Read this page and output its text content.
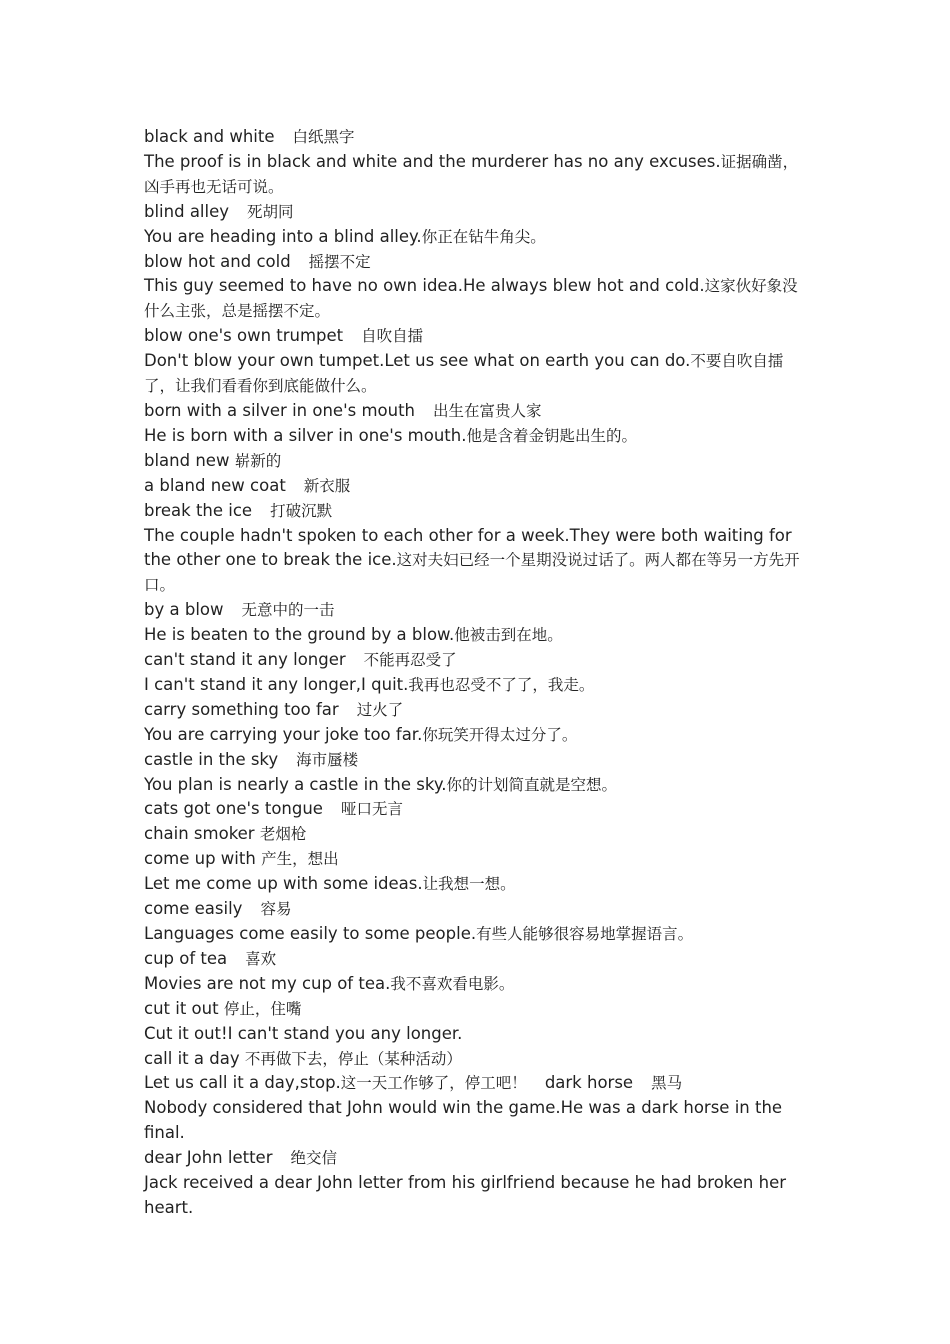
black and white 白纸黑字

The proof is in black and white and the murderer has no any excuses.证据确凿，凶手再也无话可说。

blind alley 死胡同

You are heading into a blind alley.你正在钻牛角尖。

blow hot and cold 摇摆不定

This guy seemed to have no own idea.He always blew hot and cold.这家伙好象没什么主张，总是摇摆不定。

blow one's own trumpet 自吹自擂

Don't blow your own tumpet.Let us see what on earth you can do.不要自吹自擂了，让我们看看你到底能做什么。

born with a silver in one's mouth 出生在富贵人家

He is born with a silver in one's mouth.他是含着金钥匙出生的。

bland new 崭新的

a bland new coat 新衣服

break the ice 打破沉默

The couple hadn't spoken to each other for a week.They were both waiting for the other one to break the ice.这对夫妇已经一个星期没说过话了。两人都在等另一方先开口。

by a blow 无意中的一击

He is beaten to the ground by a blow.他被击到在地。

can't stand it any longer 不能再忍受了

I can't stand it any longer,I quit.我再也忍受不了了，我走。

carry something too far 过火了

You are carrying your joke too far.你玩笑开得太过分了。

castle in the sky 海市蜃楼

You plan is nearly a castle in the sky.你的计划简直就是空想。

cats got one's tongue 哑口无言

chain smoker 老烟枪

come up with 产生，想出

Let me come up with some ideas.让我想一想。

come easily 容易

Languages come easily to some people.有些人能够很容易地掌握语言。

cup of tea 喜欢

Movies are not my cup of tea.我不喜欢看电影。

cut it out 停止，住嘴

Cut it out!I can't stand you any longer.

call it a day 不再做下去，停止（某种活动）

Let us call it a day,stop.这一天工作够了，停工吧！ dark horse 黑马

Nobody considered that John would win the game.He was a dark horse in the final.

dear John letter 绝交信

Jack received a dear John letter from his girlfriend because he had broken her heart.
